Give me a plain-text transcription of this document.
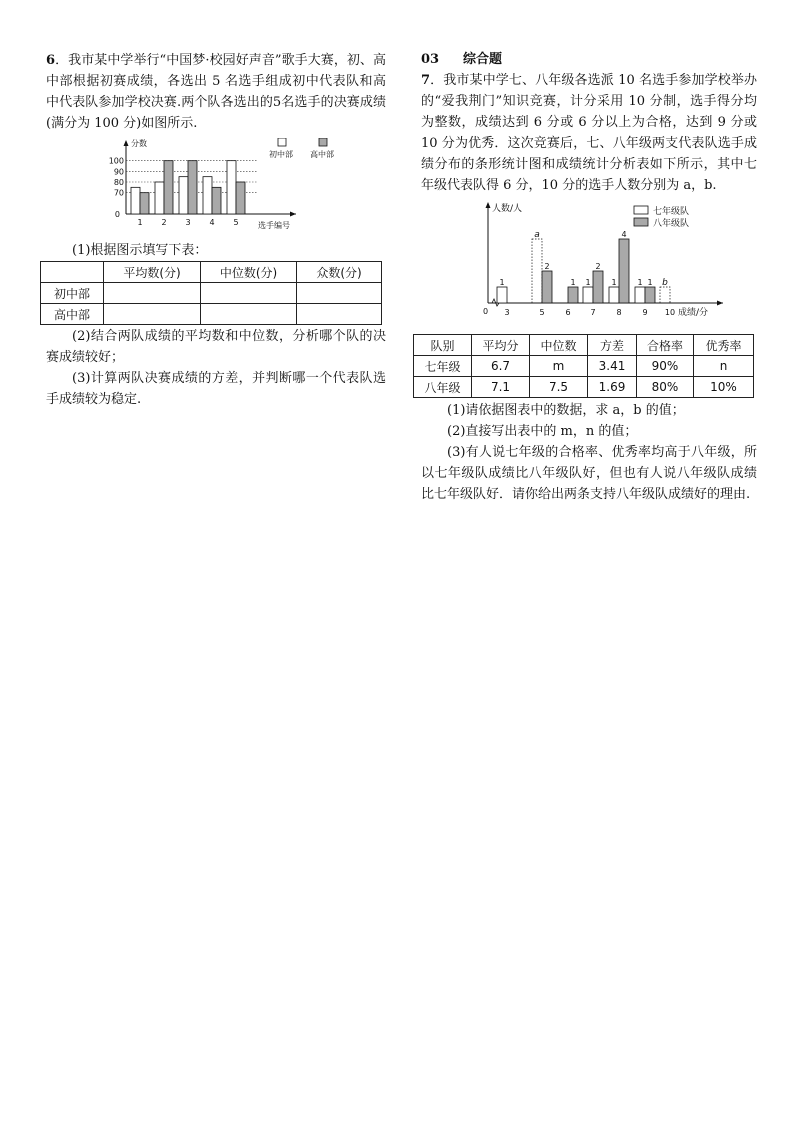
6．我市某中学举行“中国梦·校园好声音”歌手大赛，初、高中部根据初赛成绩，各选出 5 名选手组成初中代表队和高中代表队参加学校决赛.两个队各选出的5名选手的决赛成绩(满分为 100 分)如图所示.

分数
0
选手编号
70
80
90
100
1 2 3 4 5
初中部 高中部

(1)根据图示填写下表：

	平均数(分)	中位数(分)	众数(分)
初中部			
高中部			

(2)结合两队成绩的平均数和中位数，分析哪个队的决赛成绩较好；

(3)计算两队决赛成绩的方差，并判断哪一个代表队选手成绩较为稳定.

03 综合题

7．我市某中学七、八年级各选派 10 名选手参加学校举办的“爱我荆门”知识竞赛，计分采用 10 分制，选手得分均为整数，成绩达到 6 分或 6 分以上为合格，达到 9 分或 10 分为优秀．这次竞赛后，七、八年级两支代表队选手成绩分布的条形统计图和成绩统计分析表如下所示，其中七年级代表队得 6 分，10 分的选手人数分别为 a，b.

人数/人
0	成绩/分
3
1
5
a
2
6
1
7
1
2
8
1
4
9
1 1
10
b
七年级队
八年级队
队别	平均分	中位数	方差	合格率	优秀率
七年级	6.7	m	3.41	90%	n
八年级	7.1	7.5	1.69	80%	10%

(1)请依据图表中的数据，求 a，b 的值；

(2)直接写出表中的 m，n 的值；

(3)有人说七年级的合格率、优秀率均高于八年级，所以七年级队成绩比八年级队好，但也有人说八年级队成绩比七年级队好．请你给出两条支持八年级队成绩好的理由.
